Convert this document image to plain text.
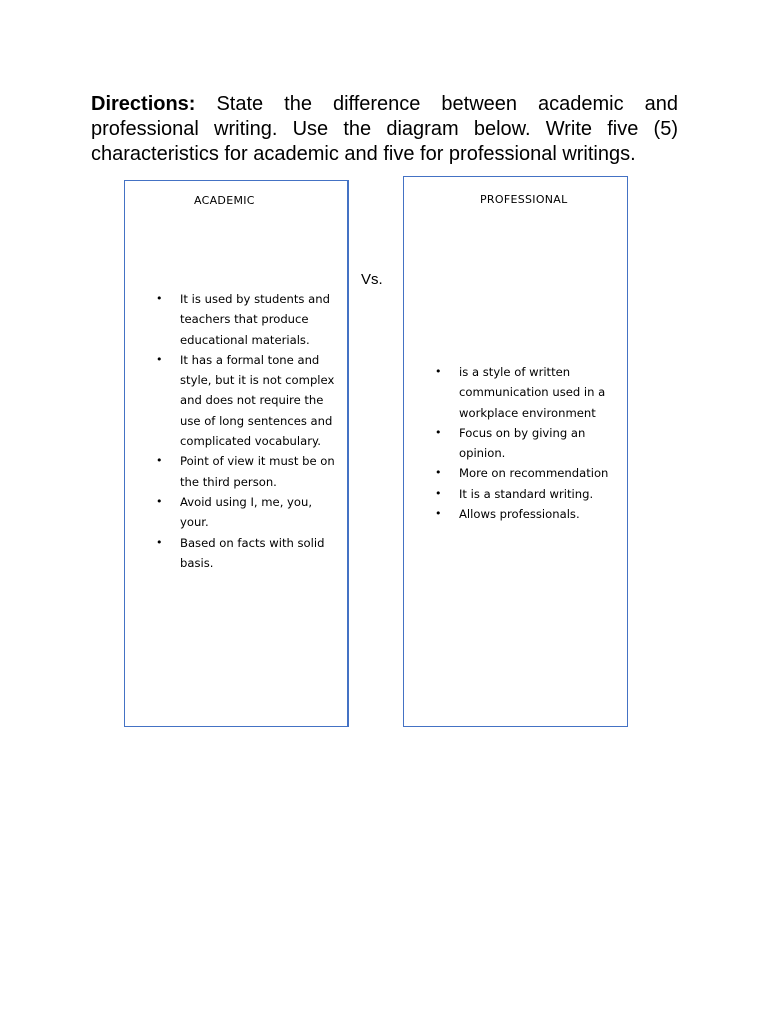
Directions: State the difference between academic and professional writing. Use the diagram below. Write five (5) characteristics for academic and five for professional writings.

ACADEMIC

• It is used by students and teachers that produce educational materials.
• It has a formal tone and style, but it is not complex and does not require the use of long sentences and complicated vocabulary.
• Point of view it must be on the third person.
• Avoid using I, me, you, your.
• Based on facts with solid basis.

Vs.

PROFESSIONAL

• is a style of written communication used in a workplace environment
• Focus on by giving an opinion.
• More on recommendation
• It is a standard writing.
• Allows professionals.
